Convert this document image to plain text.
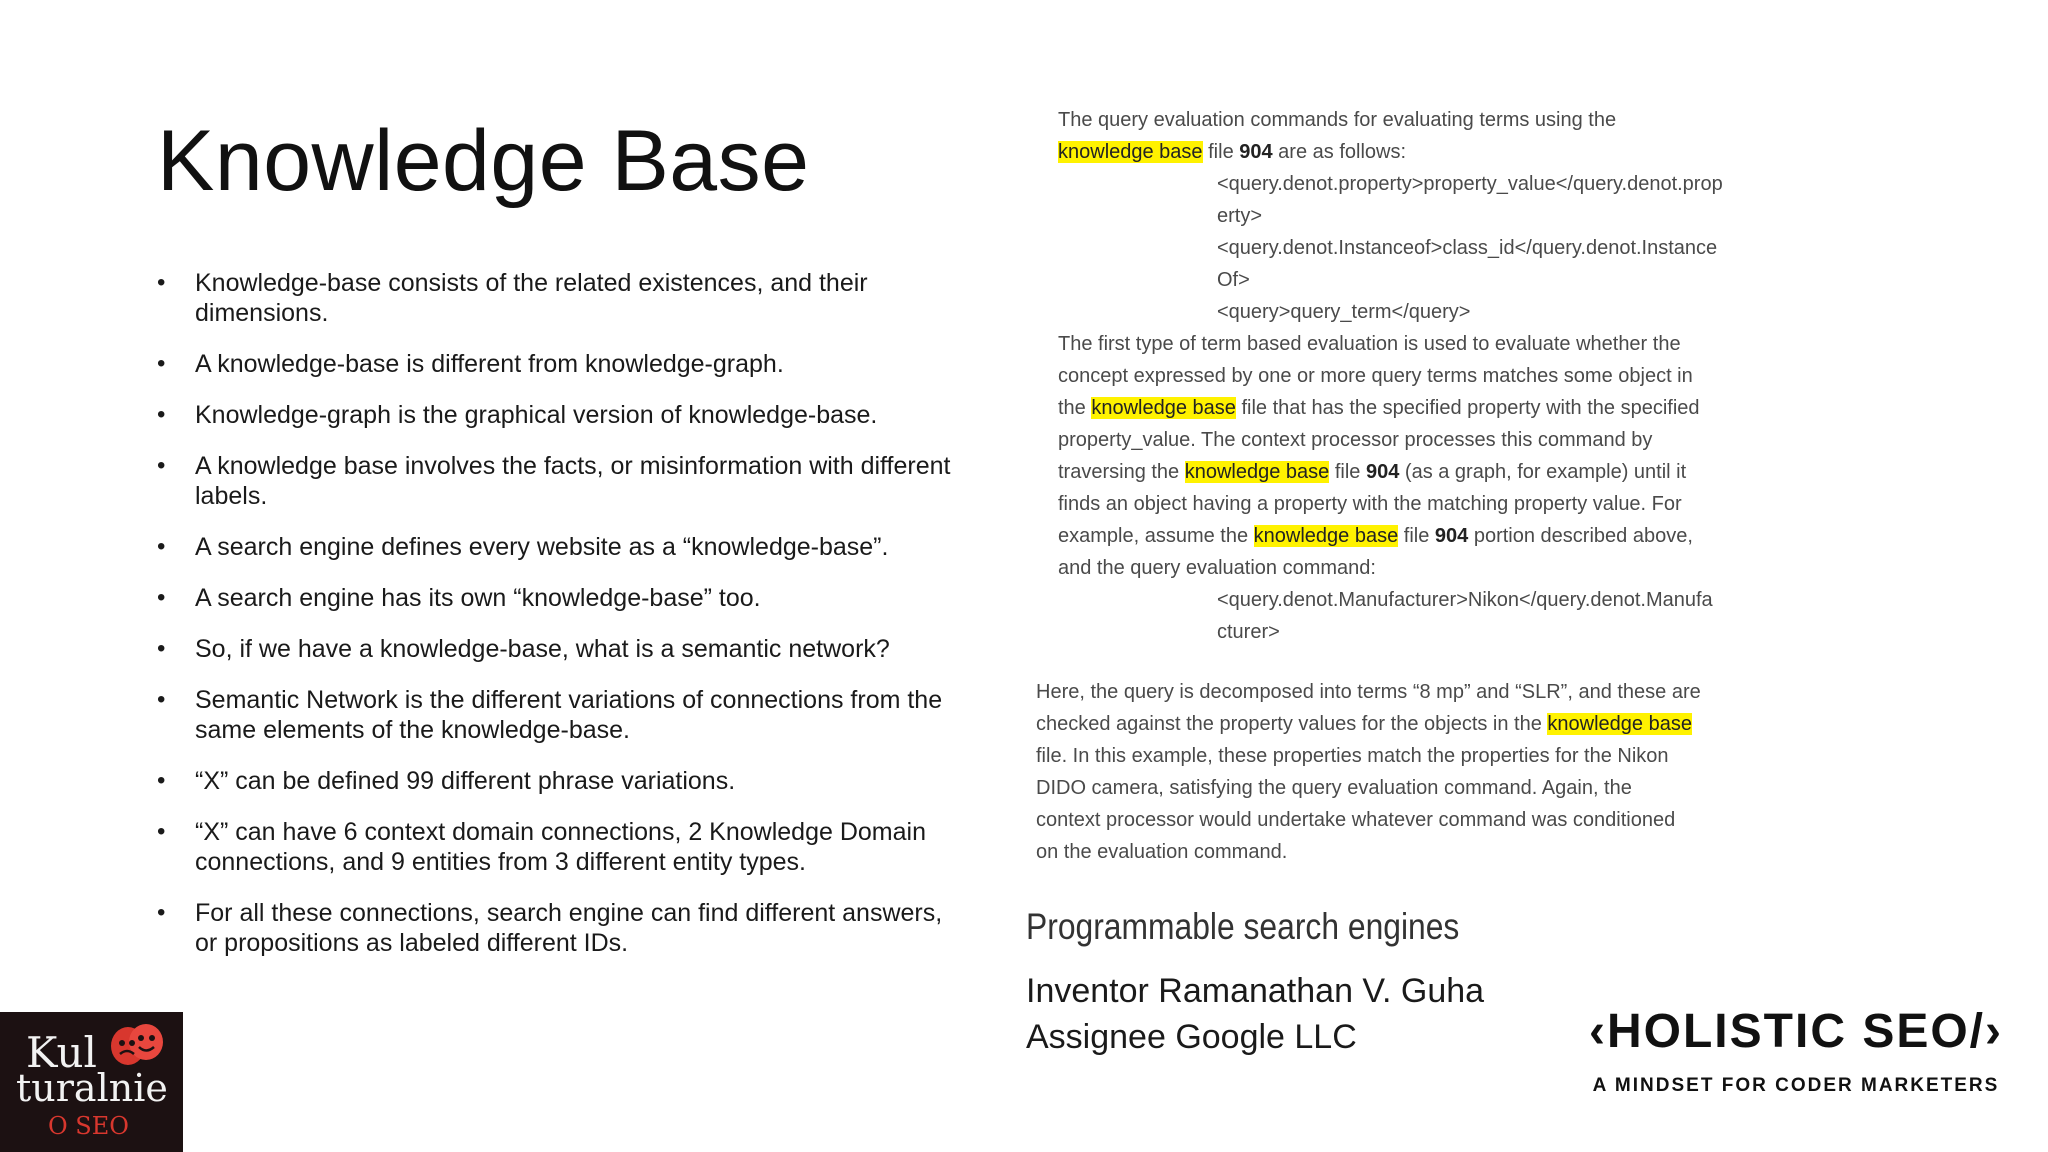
Knowledge Base
• Knowledge-base consists of the related existences, and their dimensions.
• A knowledge-base is different from knowledge-graph.
• Knowledge-graph is the graphical version of knowledge-base.
• A knowledge base involves the facts, or misinformation with different labels.
• A search engine defines every website as a “knowledge-base”.
• A search engine has its own “knowledge-base” too.
• So, if we have a knowledge-base, what is a semantic network?
• Semantic Network is the different variations of connections from the same elements of the knowledge-base.
• “X” can be defined 99 different phrase variations.
• “X” can have 6 context domain connections, 2 Knowledge Domain connections, and 9 entities from 3 different entity types.
• For all these connections, search engine can find different answers, or propositions as labeled different IDs.
The query evaluation commands for evaluating terms using the
knowledge base file 904 are as follows:
<query.denot.property>property_value</query.denot.prop
erty>
<query.denot.Instanceof>class_id</query.denot.Instance
Of>
<query>query_term</query>
The first type of term based evaluation is used to evaluate whether the
concept expressed by one or more query terms matches some object in
the knowledge base file that has the specified property with the specified
property_value. The context processor processes this command by
traversing the knowledge base file 904 (as a graph, for example) until it
finds an object having a property with the matching property value. For
example, assume the knowledge base file 904 portion described above,
and the query evaluation command:
<query.denot.Manufacturer>Nikon</query.denot.Manufa
cturer>
Here, the query is decomposed into terms “8 mp” and “SLR”, and these are
checked against the property values for the objects in the knowledge base
file. In this example, these properties match the properties for the Nikon
DIDO camera, satisfying the query evaluation command. Again, the
context processor would undertake whatever command was conditioned
on the evaluation command.
Programmable search engines
Inventor Ramanathan V. Guha
Assignee Google LLC	‹HOLISTIC SEO/›
A MINDSET FOR CODER MARKETERS
Kul
turalnie
O SEO
